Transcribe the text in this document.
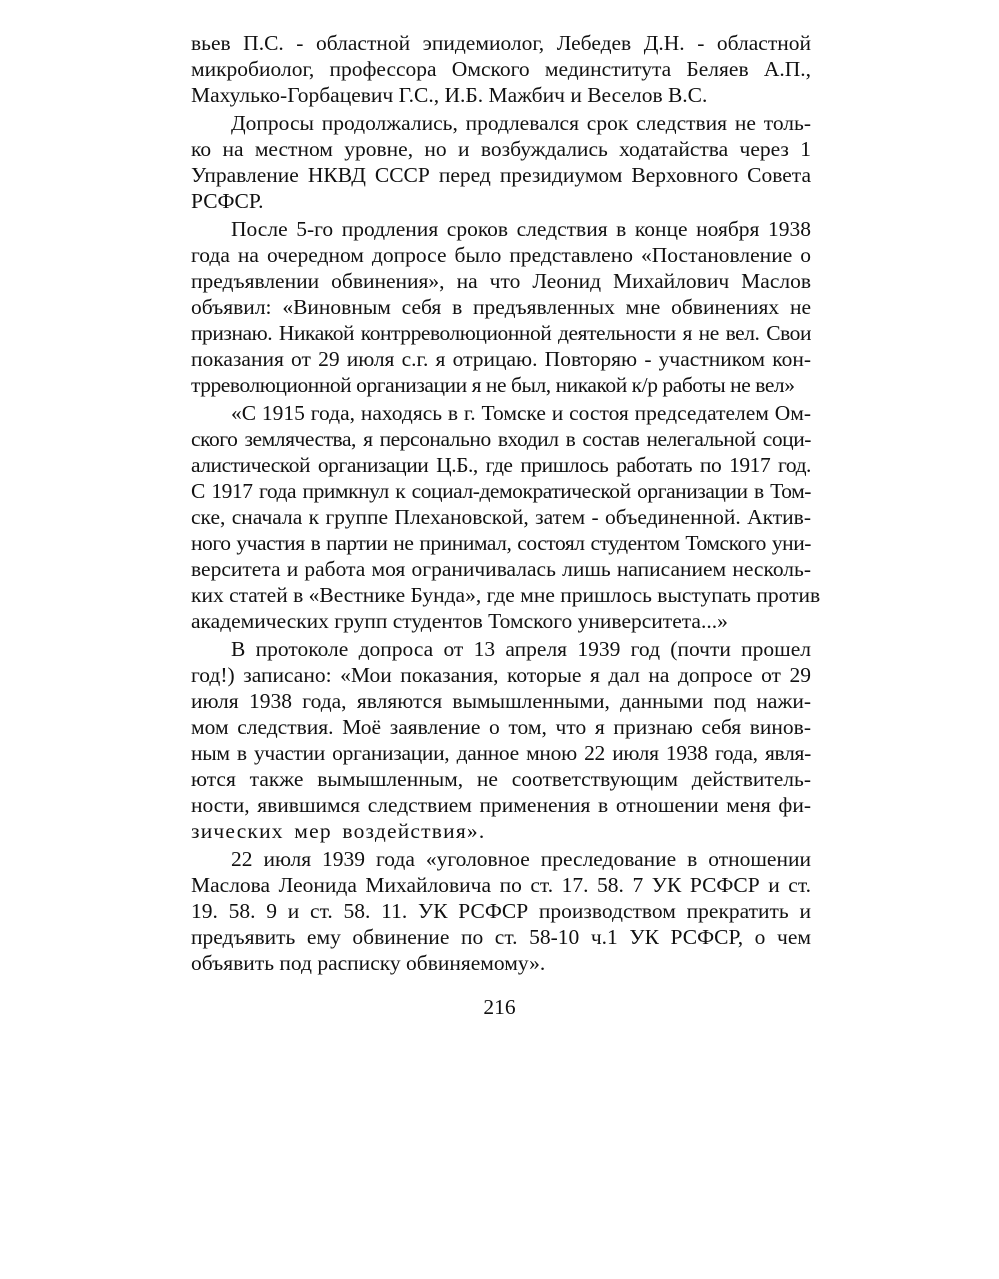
вьев П.С. - областной эпидемиолог, Лебедев Д.Н. - областной
микробиолог, профессора Омского мединститута Беляев А.П.,
Махулько-Горбацевич Г.С., И.Б. Мажбич и Веселов В.С.

Допросы продолжались, продлевался срок следствия не толь-
ко на местном уровне, но и возбуждались ходатайства через 1
Управление НКВД СССР перед президиумом Верховного Совета
РСФСР.

После 5-го продления сроков следствия в конце ноября 1938
года на очередном допросе было представлено «Постановление о
предъявлении обвинения», на что Леонид Михайлович Маслов
объявил: «Виновным себя в предъявленных мне обвинениях не
признаю. Никакой контрреволюционной деятельности я не вел. Свои
показания от 29 июля с.г. я отрицаю. Повторяю - участником кон-
трреволюционной организации я не был, никакой к/р работы не вел»

«С 1915 года, находясь в г. Томске и состоя председателем Ом-
ского землячества, я персонально входил в состав нелегальной соци-
алистической организации Ц.Б., где пришлось работать по 1917 год.
С 1917 года примкнул к социал-демократической организации в Том-
ске, сначала к группе Плехановской, затем - объединенной. Актив-
ного участия в партии не принимал, состоял студентом Томского уни-
верситета и работа моя ограничивалась лишь написанием несколь-
ких статей в «Вестнике Бунда», где мне пришлось выступать против
академических групп студентов Томского университета...»

В протоколе допроса от 13 апреля 1939 год (почти прошел
год!) записано: «Мои показания, которые я дал на допросе от 29
июля 1938 года, являются вымышленными, данными под нажи-
мом следствия. Моё заявление о том, что я признаю себя винов-
ным в участии организации, данное мною 22 июля 1938 года, явля-
ются также вымышленным, не соответствующим действитель-
ности, явившимся следствием применения в отношении меня фи-
зических мер воздействия».

22 июля 1939 года «уголовное преследование в отношении
Маслова Леонида Михайловича по ст. 17. 58. 7 УК РСФСР и ст.
19. 58. 9 и ст. 58. 11. УК РСФСР производством прекратить и
предъявить ему обвинение по ст. 58-10 ч.1 УК РСФСР, о чем
объявить под расписку обвиняемому».

216
